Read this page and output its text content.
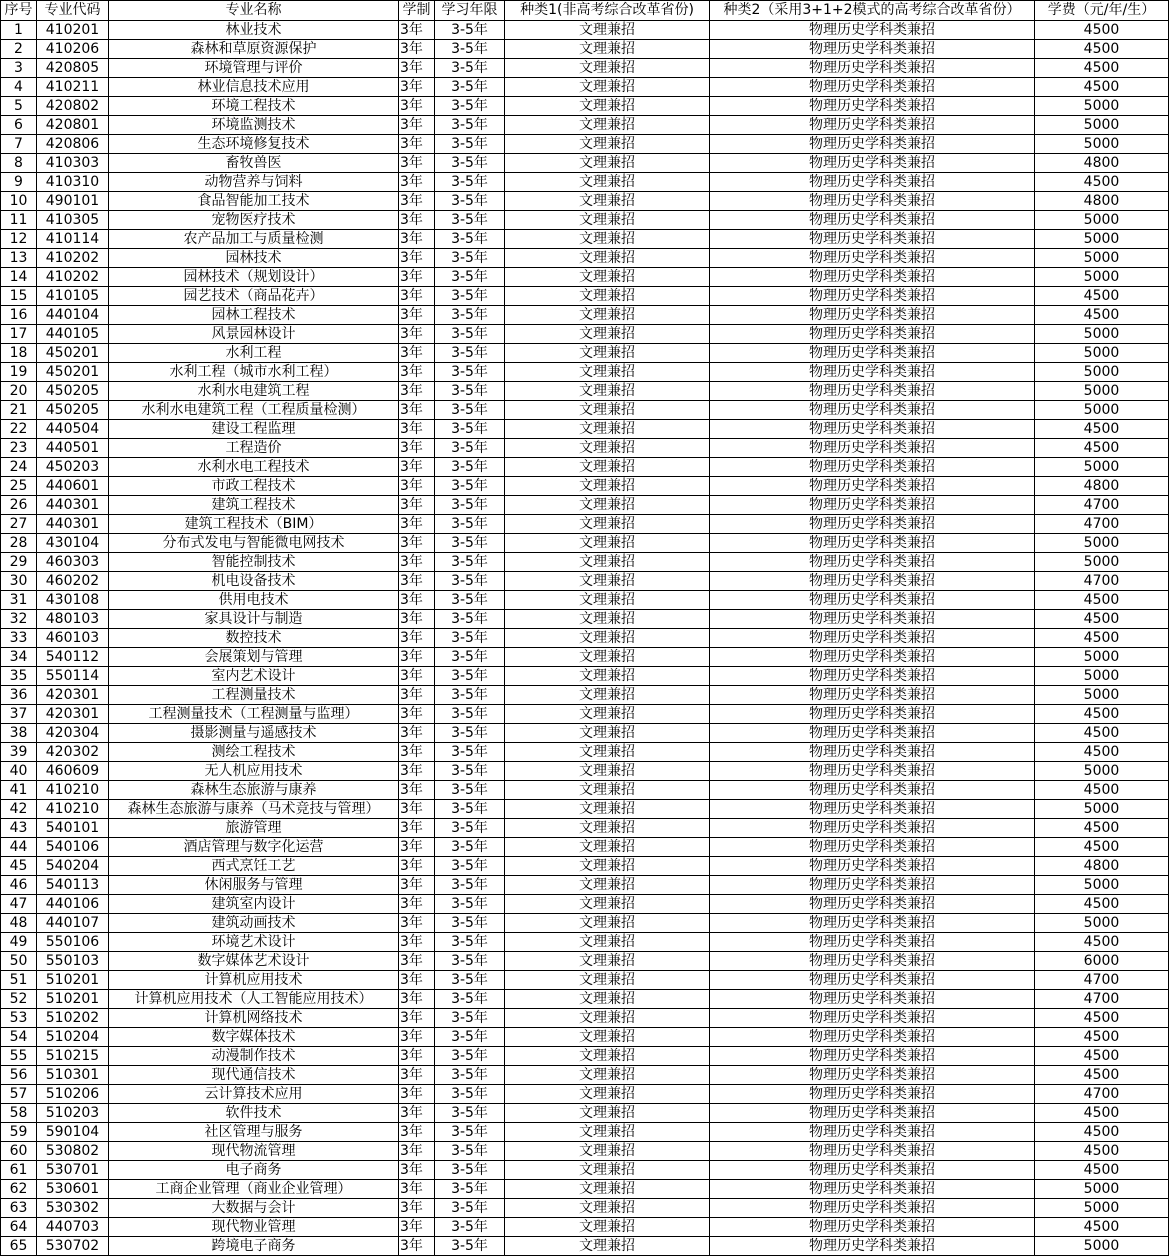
序号	专业代码	专业名称	学制	学习年限	种类1(非高考综合改革省份)	种类2（采用3+1+2模式的高考综合改革省份）	学费（元/年/生）
1	410201	林业技术	3年	3-5年	文理兼招	物理历史学科类兼招	4500
2	410206	森林和草原资源保护	3年	3-5年	文理兼招	物理历史学科类兼招	4500
3	420805	环境管理与评价	3年	3-5年	文理兼招	物理历史学科类兼招	4500
4	410211	林业信息技术应用	3年	3-5年	文理兼招	物理历史学科类兼招	4500
5	420802	环境工程技术	3年	3-5年	文理兼招	物理历史学科类兼招	5000
6	420801	环境监测技术	3年	3-5年	文理兼招	物理历史学科类兼招	5000
7	420806	生态环境修复技术	3年	3-5年	文理兼招	物理历史学科类兼招	5000
8	410303	畜牧兽医	3年	3-5年	文理兼招	物理历史学科类兼招	4800
9	410310	动物营养与饲料	3年	3-5年	文理兼招	物理历史学科类兼招	4500
10	490101	食品智能加工技术	3年	3-5年	文理兼招	物理历史学科类兼招	4800
11	410305	宠物医疗技术	3年	3-5年	文理兼招	物理历史学科类兼招	5000
12	410114	农产品加工与质量检测	3年	3-5年	文理兼招	物理历史学科类兼招	5000
13	410202	园林技术	3年	3-5年	文理兼招	物理历史学科类兼招	5000
14	410202	园林技术（规划设计）	3年	3-5年	文理兼招	物理历史学科类兼招	5000
15	410105	园艺技术（商品花卉）	3年	3-5年	文理兼招	物理历史学科类兼招	4500
16	440104	园林工程技术	3年	3-5年	文理兼招	物理历史学科类兼招	4500
17	440105	风景园林设计	3年	3-5年	文理兼招	物理历史学科类兼招	5000
18	450201	水利工程	3年	3-5年	文理兼招	物理历史学科类兼招	5000
19	450201	水利工程（城市水利工程）	3年	3-5年	文理兼招	物理历史学科类兼招	5000
20	450205	水利水电建筑工程	3年	3-5年	文理兼招	物理历史学科类兼招	5000
21	450205	水利水电建筑工程（工程质量检测）	3年	3-5年	文理兼招	物理历史学科类兼招	5000
22	440504	建设工程监理	3年	3-5年	文理兼招	物理历史学科类兼招	4500
23	440501	工程造价	3年	3-5年	文理兼招	物理历史学科类兼招	4500
24	450203	水利水电工程技术	3年	3-5年	文理兼招	物理历史学科类兼招	5000
25	440601	市政工程技术	3年	3-5年	文理兼招	物理历史学科类兼招	4800
26	440301	建筑工程技术	3年	3-5年	文理兼招	物理历史学科类兼招	4700
27	440301	建筑工程技术（BIM）	3年	3-5年	文理兼招	物理历史学科类兼招	4700
28	430104	分布式发电与智能微电网技术	3年	3-5年	文理兼招	物理历史学科类兼招	5000
29	460303	智能控制技术	3年	3-5年	文理兼招	物理历史学科类兼招	5000
30	460202	机电设备技术	3年	3-5年	文理兼招	物理历史学科类兼招	4700
31	430108	供用电技术	3年	3-5年	文理兼招	物理历史学科类兼招	4500
32	480103	家具设计与制造	3年	3-5年	文理兼招	物理历史学科类兼招	4500
33	460103	数控技术	3年	3-5年	文理兼招	物理历史学科类兼招	4500
34	540112	会展策划与管理	3年	3-5年	文理兼招	物理历史学科类兼招	5000
35	550114	室内艺术设计	3年	3-5年	文理兼招	物理历史学科类兼招	5000
36	420301	工程测量技术	3年	3-5年	文理兼招	物理历史学科类兼招	5000
37	420301	工程测量技术（工程测量与监理）	3年	3-5年	文理兼招	物理历史学科类兼招	4500
38	420304	摄影测量与遥感技术	3年	3-5年	文理兼招	物理历史学科类兼招	4500
39	420302	测绘工程技术	3年	3-5年	文理兼招	物理历史学科类兼招	4500
40	460609	无人机应用技术	3年	3-5年	文理兼招	物理历史学科类兼招	5000
41	410210	森林生态旅游与康养	3年	3-5年	文理兼招	物理历史学科类兼招	4500
42	410210	森林生态旅游与康养（马术竞技与管理）	3年	3-5年	文理兼招	物理历史学科类兼招	5000
43	540101	旅游管理	3年	3-5年	文理兼招	物理历史学科类兼招	4500
44	540106	酒店管理与数字化运营	3年	3-5年	文理兼招	物理历史学科类兼招	4500
45	540204	西式烹饪工艺	3年	3-5年	文理兼招	物理历史学科类兼招	4800
46	540113	休闲服务与管理	3年	3-5年	文理兼招	物理历史学科类兼招	5000
47	440106	建筑室内设计	3年	3-5年	文理兼招	物理历史学科类兼招	4500
48	440107	建筑动画技术	3年	3-5年	文理兼招	物理历史学科类兼招	5000
49	550106	环境艺术设计	3年	3-5年	文理兼招	物理历史学科类兼招	4500
50	550103	数字媒体艺术设计	3年	3-5年	文理兼招	物理历史学科类兼招	6000
51	510201	计算机应用技术	3年	3-5年	文理兼招	物理历史学科类兼招	4700
52	510201	计算机应用技术（人工智能应用技术）	3年	3-5年	文理兼招	物理历史学科类兼招	4700
53	510202	计算机网络技术	3年	3-5年	文理兼招	物理历史学科类兼招	4500
54	510204	数字媒体技术	3年	3-5年	文理兼招	物理历史学科类兼招	4500
55	510215	动漫制作技术	3年	3-5年	文理兼招	物理历史学科类兼招	4500
56	510301	现代通信技术	3年	3-5年	文理兼招	物理历史学科类兼招	4500
57	510206	云计算技术应用	3年	3-5年	文理兼招	物理历史学科类兼招	4700
58	510203	软件技术	3年	3-5年	文理兼招	物理历史学科类兼招	4500
59	590104	社区管理与服务	3年	3-5年	文理兼招	物理历史学科类兼招	4500
60	530802	现代物流管理	3年	3-5年	文理兼招	物理历史学科类兼招	4500
61	530701	电子商务	3年	3-5年	文理兼招	物理历史学科类兼招	4500
62	530601	工商企业管理（商业企业管理）	3年	3-5年	文理兼招	物理历史学科类兼招	5000
63	530302	大数据与会计	3年	3-5年	文理兼招	物理历史学科类兼招	5000
64	440703	现代物业管理	3年	3-5年	文理兼招	物理历史学科类兼招	4500
65	530702	跨境电子商务	3年	3-5年	文理兼招	物理历史学科类兼招	5000
